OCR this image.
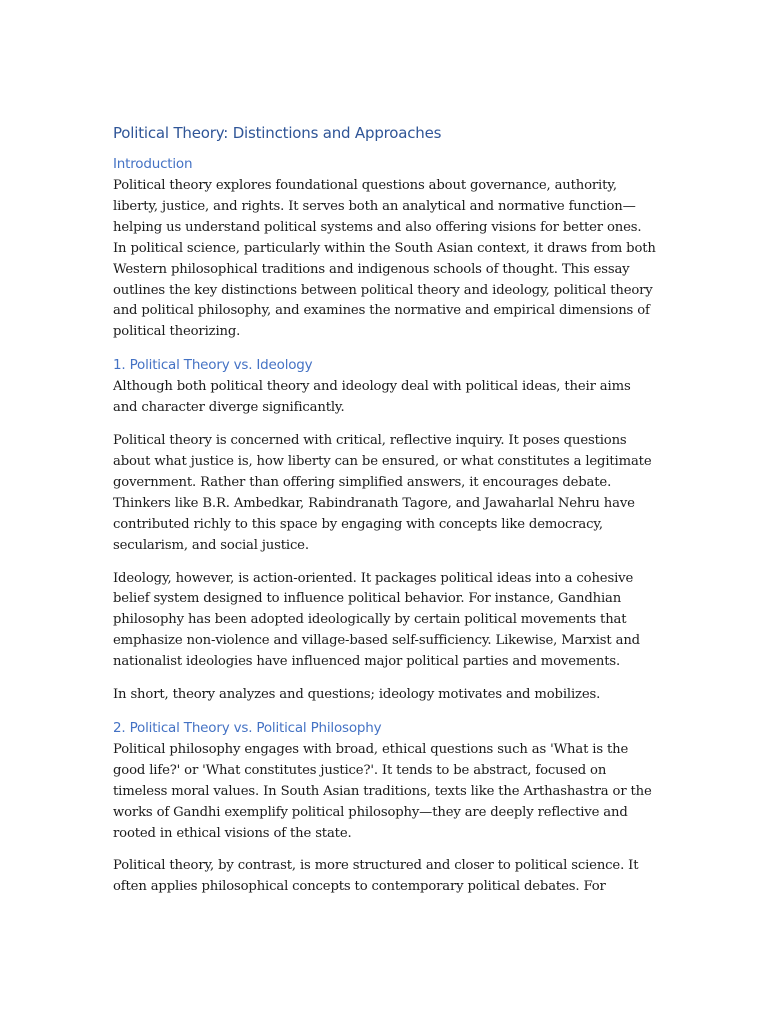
Political Theory: Distinctions and Approaches
Introduction

Political theory explores foundational questions about governance, authority, liberty, justice, and rights. It serves both an analytical and normative function—helping us understand political systems and also offering visions for better ones. In political science, particularly within the South Asian context, it draws from both Western philosophical traditions and indigenous schools of thought. This essay outlines the key distinctions between political theory and ideology, political theory and political philosophy, and examines the normative and empirical dimensions of political theorizing.

1. Political Theory vs. Ideology

Although both political theory and ideology deal with political ideas, their aims and character diverge significantly.

Political theory is concerned with critical, reflective inquiry. It poses questions about what justice is, how liberty can be ensured, or what constitutes a legitimate government. Rather than offering simplified answers, it encourages debate. Thinkers like B.R. Ambedkar, Rabindranath Tagore, and Jawaharlal Nehru have contributed richly to this space by engaging with concepts like democracy, secularism, and social justice.

Ideology, however, is action-oriented. It packages political ideas into a cohesive belief system designed to influence political behavior. For instance, Gandhian philosophy has been adopted ideologically by certain political movements that emphasize non-violence and village-based self-sufficiency. Likewise, Marxist and nationalist ideologies have influenced major political parties and movements.

In short, theory analyzes and questions; ideology motivates and mobilizes.

2. Political Theory vs. Political Philosophy

Political philosophy engages with broad, ethical questions such as 'What is the good life?' or 'What constitutes justice?'. It tends to be abstract, focused on timeless moral values. In South Asian traditions, texts like the Arthashastra or the works of Gandhi exemplify political philosophy—they are deeply reflective and rooted in ethical visions of the state.

Political theory, by contrast, is more structured and closer to political science. It often applies philosophical concepts to contemporary political debates. For
